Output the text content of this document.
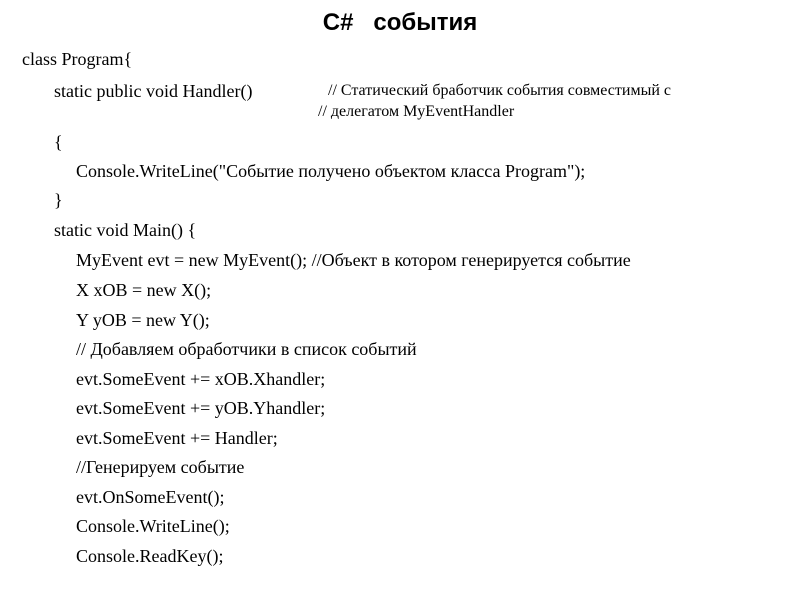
C#   события
class Program{
static public void Handler()	// Статический бработчик события совместимый с
// делегатом MyEventHandler
{
Console.WriteLine("Событие получено объектом класса Program");
}
static void Main() {
MyEvent evt = new MyEvent(); //Объект в котором генерируется событие
X xOB = new X();
Y yOB = new Y();
// Добавляем обработчики в список событий
evt.SomeEvent += xOB.Xhandler;
evt.SomeEvent += yOB.Yhandler;
evt.SomeEvent += Handler;
//Генерируем событие
evt.OnSomeEvent();
Console.WriteLine();
Console.ReadKey();
